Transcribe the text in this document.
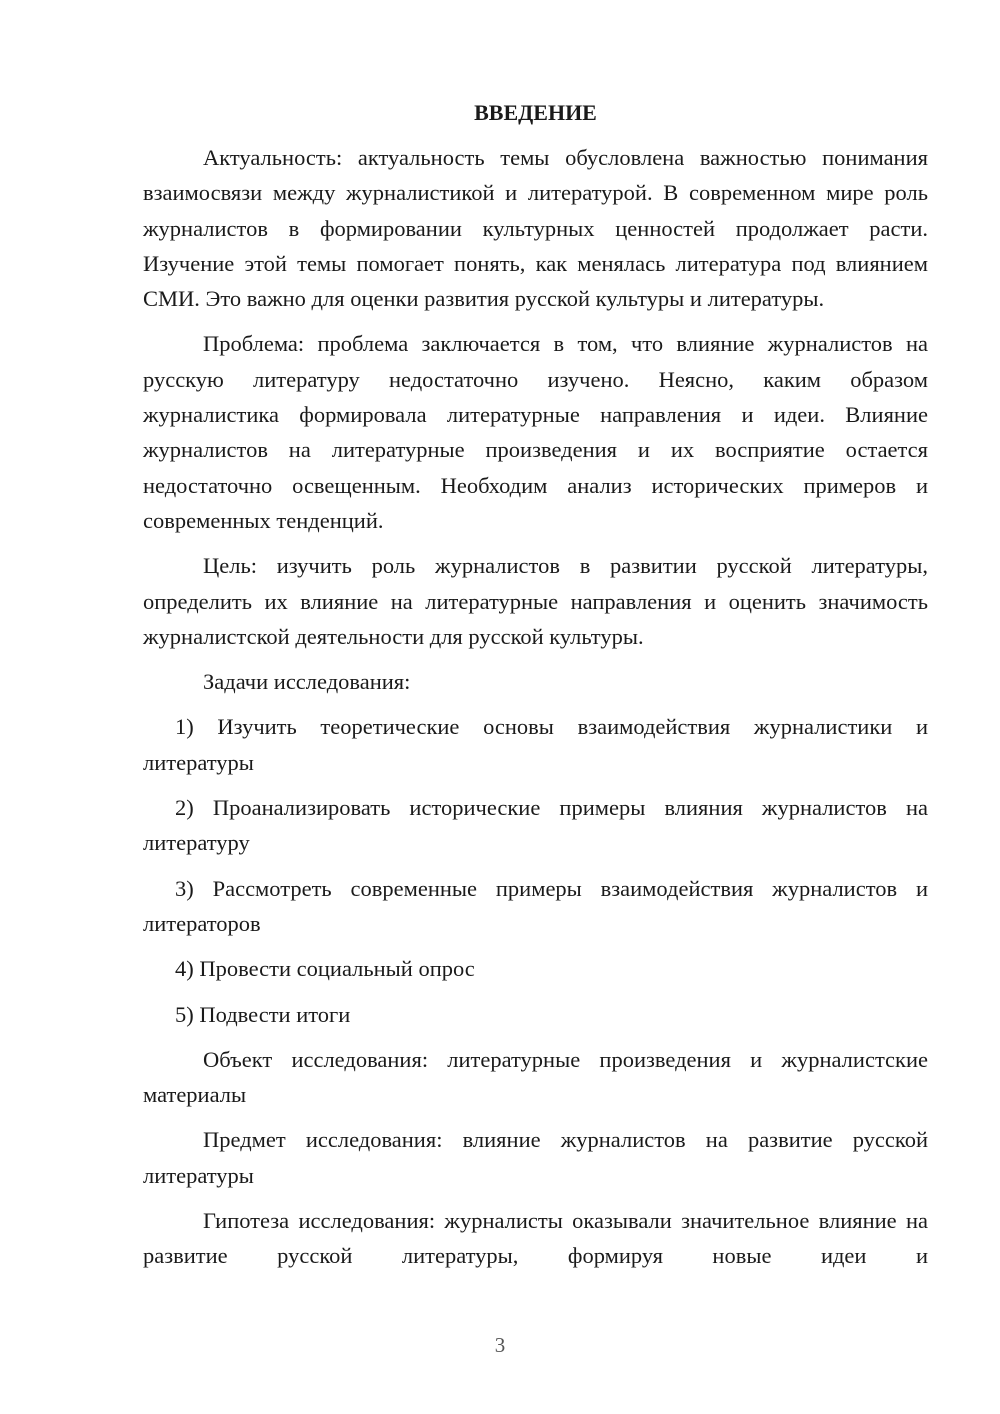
ВВЕДЕНИЕ

Актуальность: актуальность темы обусловлена важностью понимания взаимосвязи между журналистикой и литературой. В современном мире роль журналистов в формировании культурных ценностей продолжает расти. Изучение этой темы помогает понять, как менялась литература под влиянием СМИ. Это важно для оценки развития русской культуры и литературы.

Проблема: проблема заключается в том, что влияние журналистов на русскую литературу недостаточно изучено. Неясно, каким образом журналистика формировала литературные направления и идеи. Влияние журналистов на литературные произведения и их восприятие остается недостаточно освещенным. Необходим анализ исторических примеров и современных тенденций.

Цель: изучить роль журналистов в развитии русской литературы, определить их влияние на литературные направления и оценить значимость журналистской деятельности для русской культуры.

Задачи исследования:

1) Изучить теоретические основы взаимодействия журналистики и литературы

2) Проанализировать исторические примеры влияния журналистов на литературу

3) Рассмотреть современные примеры взаимодействия журналистов и литераторов

4) Провести социальный опрос

5) Подвести итоги

Объект исследования: литературные произведения и журналистские материалы

Предмет исследования: влияние журналистов на развитие русской литературы

Гипотеза исследования: журналисты оказывали значительное влияние на развитие русской литературы, формируя новые идеи и

3
